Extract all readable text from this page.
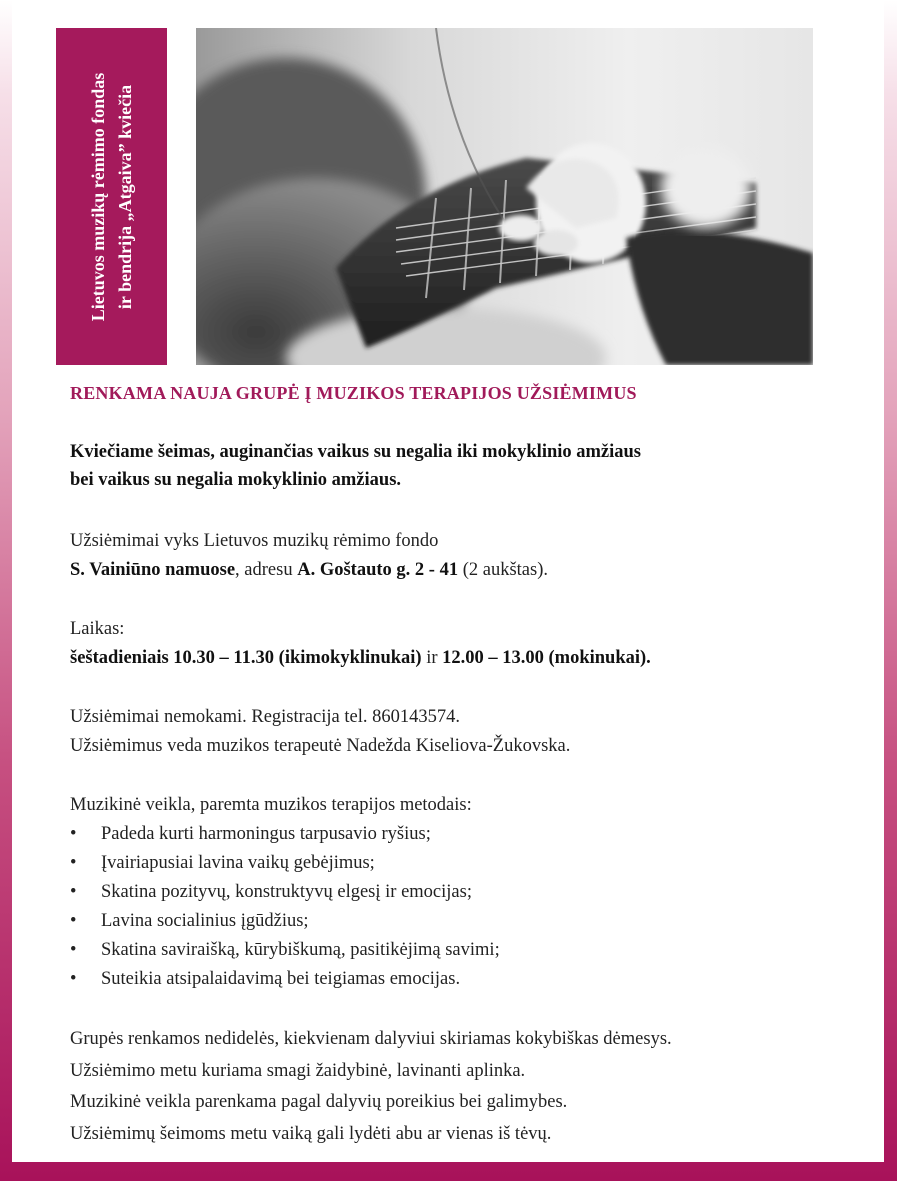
Lietuvos muzikų rėmimo fondas ir bendrija „Atgaiva” kviečia
RENKAMA NAUJA GRUPĖ Į MUZIKOS TERAPIJOS UŽSIĖMIMUS

Kviečiame šeimas, auginančias vaikus su negalia iki mokyklinio amžiaus
bei vaikus su negalia mokyklinio amžiaus.

Užsiėmimai vyks Lietuvos muzikų rėmimo fondo
S. Vainiūno namuose, adresu A. Goštauto g. 2 - 41 (2 aukštas).

Laikas:
šeštadieniais 10.30 – 11.30 (ikimokyklinukai) ir 12.00 – 13.00 (mokinukai).

Užsiėmimai nemokami. Registracija tel. 860143574.
Užsiėmimus veda muzikos terapeutė Nadežda Kiseliova-Žukovska.

Muzikinė veikla, paremta muzikos terapijos metodais:
• Padeda kurti harmoningus tarpusavio ryšius;
• Įvairiapusiai lavina vaikų gebėjimus;
• Skatina pozityvų, konstruktyvų elgesį ir emocijas;
• Lavina socialinius įgūdžius;
• Skatina saviraišką, kūrybiškumą, pasitikėjimą savimi;
• Suteikia atsipalaidavimą bei teigiamas emocijas.

Grupės renkamos nedidelės, kiekvienam dalyviui skiriamas kokybiškas dėmesys.

Užsiėmimo metu kuriama smagi žaidybinė, lavinanti aplinka.

Muzikinė veikla parenkama pagal dalyvių poreikius bei galimybes.

Užsiėmimų šeimoms metu vaiką gali lydėti abu ar vienas iš tėvų.
